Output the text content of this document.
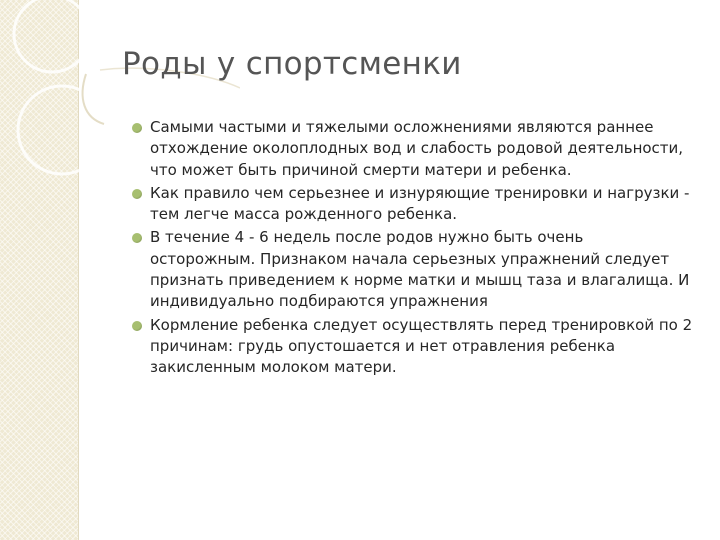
Роды у спортсменки
Самыми частыми и тяжелыми осложнениями являются раннее отхождение околоплодных вод и слабость родовой деятельности, что может быть причиной смерти матери и ребенка.
Как правило чем серьезнее и изнуряющие тренировки и нагрузки - тем легче масса рожденного ребенка.
В течение 4 - 6 недель после родов нужно быть очень осторожным. Признаком начала серьезных упражнений следует признать приведением к норме матки и мышц таза и влагалища. И индивидуально подбираются упражнения
Кормление ребенка следует осуществлять перед тренировкой по 2 причинам: грудь опустошается и нет отравления ребенка закисленным молоком матери.
